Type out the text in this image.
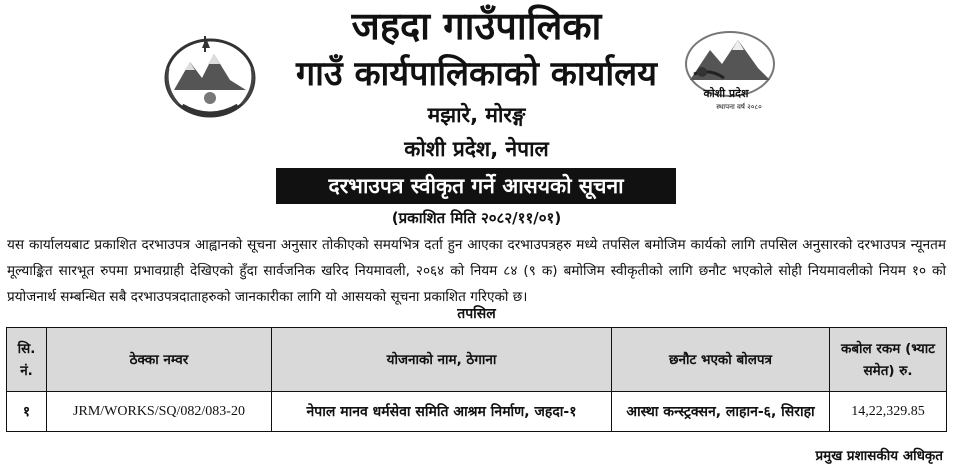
कोशी प्रदेश
स्थापना वर्ष २०८०
जहदा गाउँपालिका
गाउँ कार्यपालिकाको कार्यालय
मझारे, मोरङ्ग
कोशी प्रदेश, नेपाल
दरभाउपत्र स्वीकृत गर्ने आसयको सूचना
(प्रकाशित मिति २०८२/११/०१)

यस कार्यालयबाट प्रकाशित दरभाउपत्र आह्वानको सूचना अनुसार तोकीएको समयभित्र दर्ता हुन आएका दरभाउपत्रहरु मध्ये तपसिल बमोजिम कार्यको लागि तपसिल अनुसारको दरभाउपत्र न्यूनतम मूल्याङ्कित सारभूत रुपमा प्रभावग्राही देखिएको हुँदा सार्वजनिक खरिद नियमावली, २०६४ को नियम ८४ (९ क) बमोजिम स्वीकृतीको लागि छनौट भएकोले सोही नियमावलीको नियम १० को प्रयोजनार्थ सम्बन्धित सबै दरभाउपत्रदाताहरुको जानकारीका लागि यो आसयको सूचना प्रकाशित गरिएको छ।

तपसिल
सि. नं.	ठेक्का नम्वर	योजनाको नाम, ठेगाना	छनौट भएको बोलपत्र	कबोल रकम (भ्याट समेत) रु.
१	JRM/WORKS/SQ/082/083-20	नेपाल मानव धर्मसेवा समिति आश्रम निर्माण, जहदा-१	आस्था कन्स्ट्रक्सन, लाहान-६, सिराहा	14,22,329.85
प्रमुख प्रशासकीय अधिकृत
